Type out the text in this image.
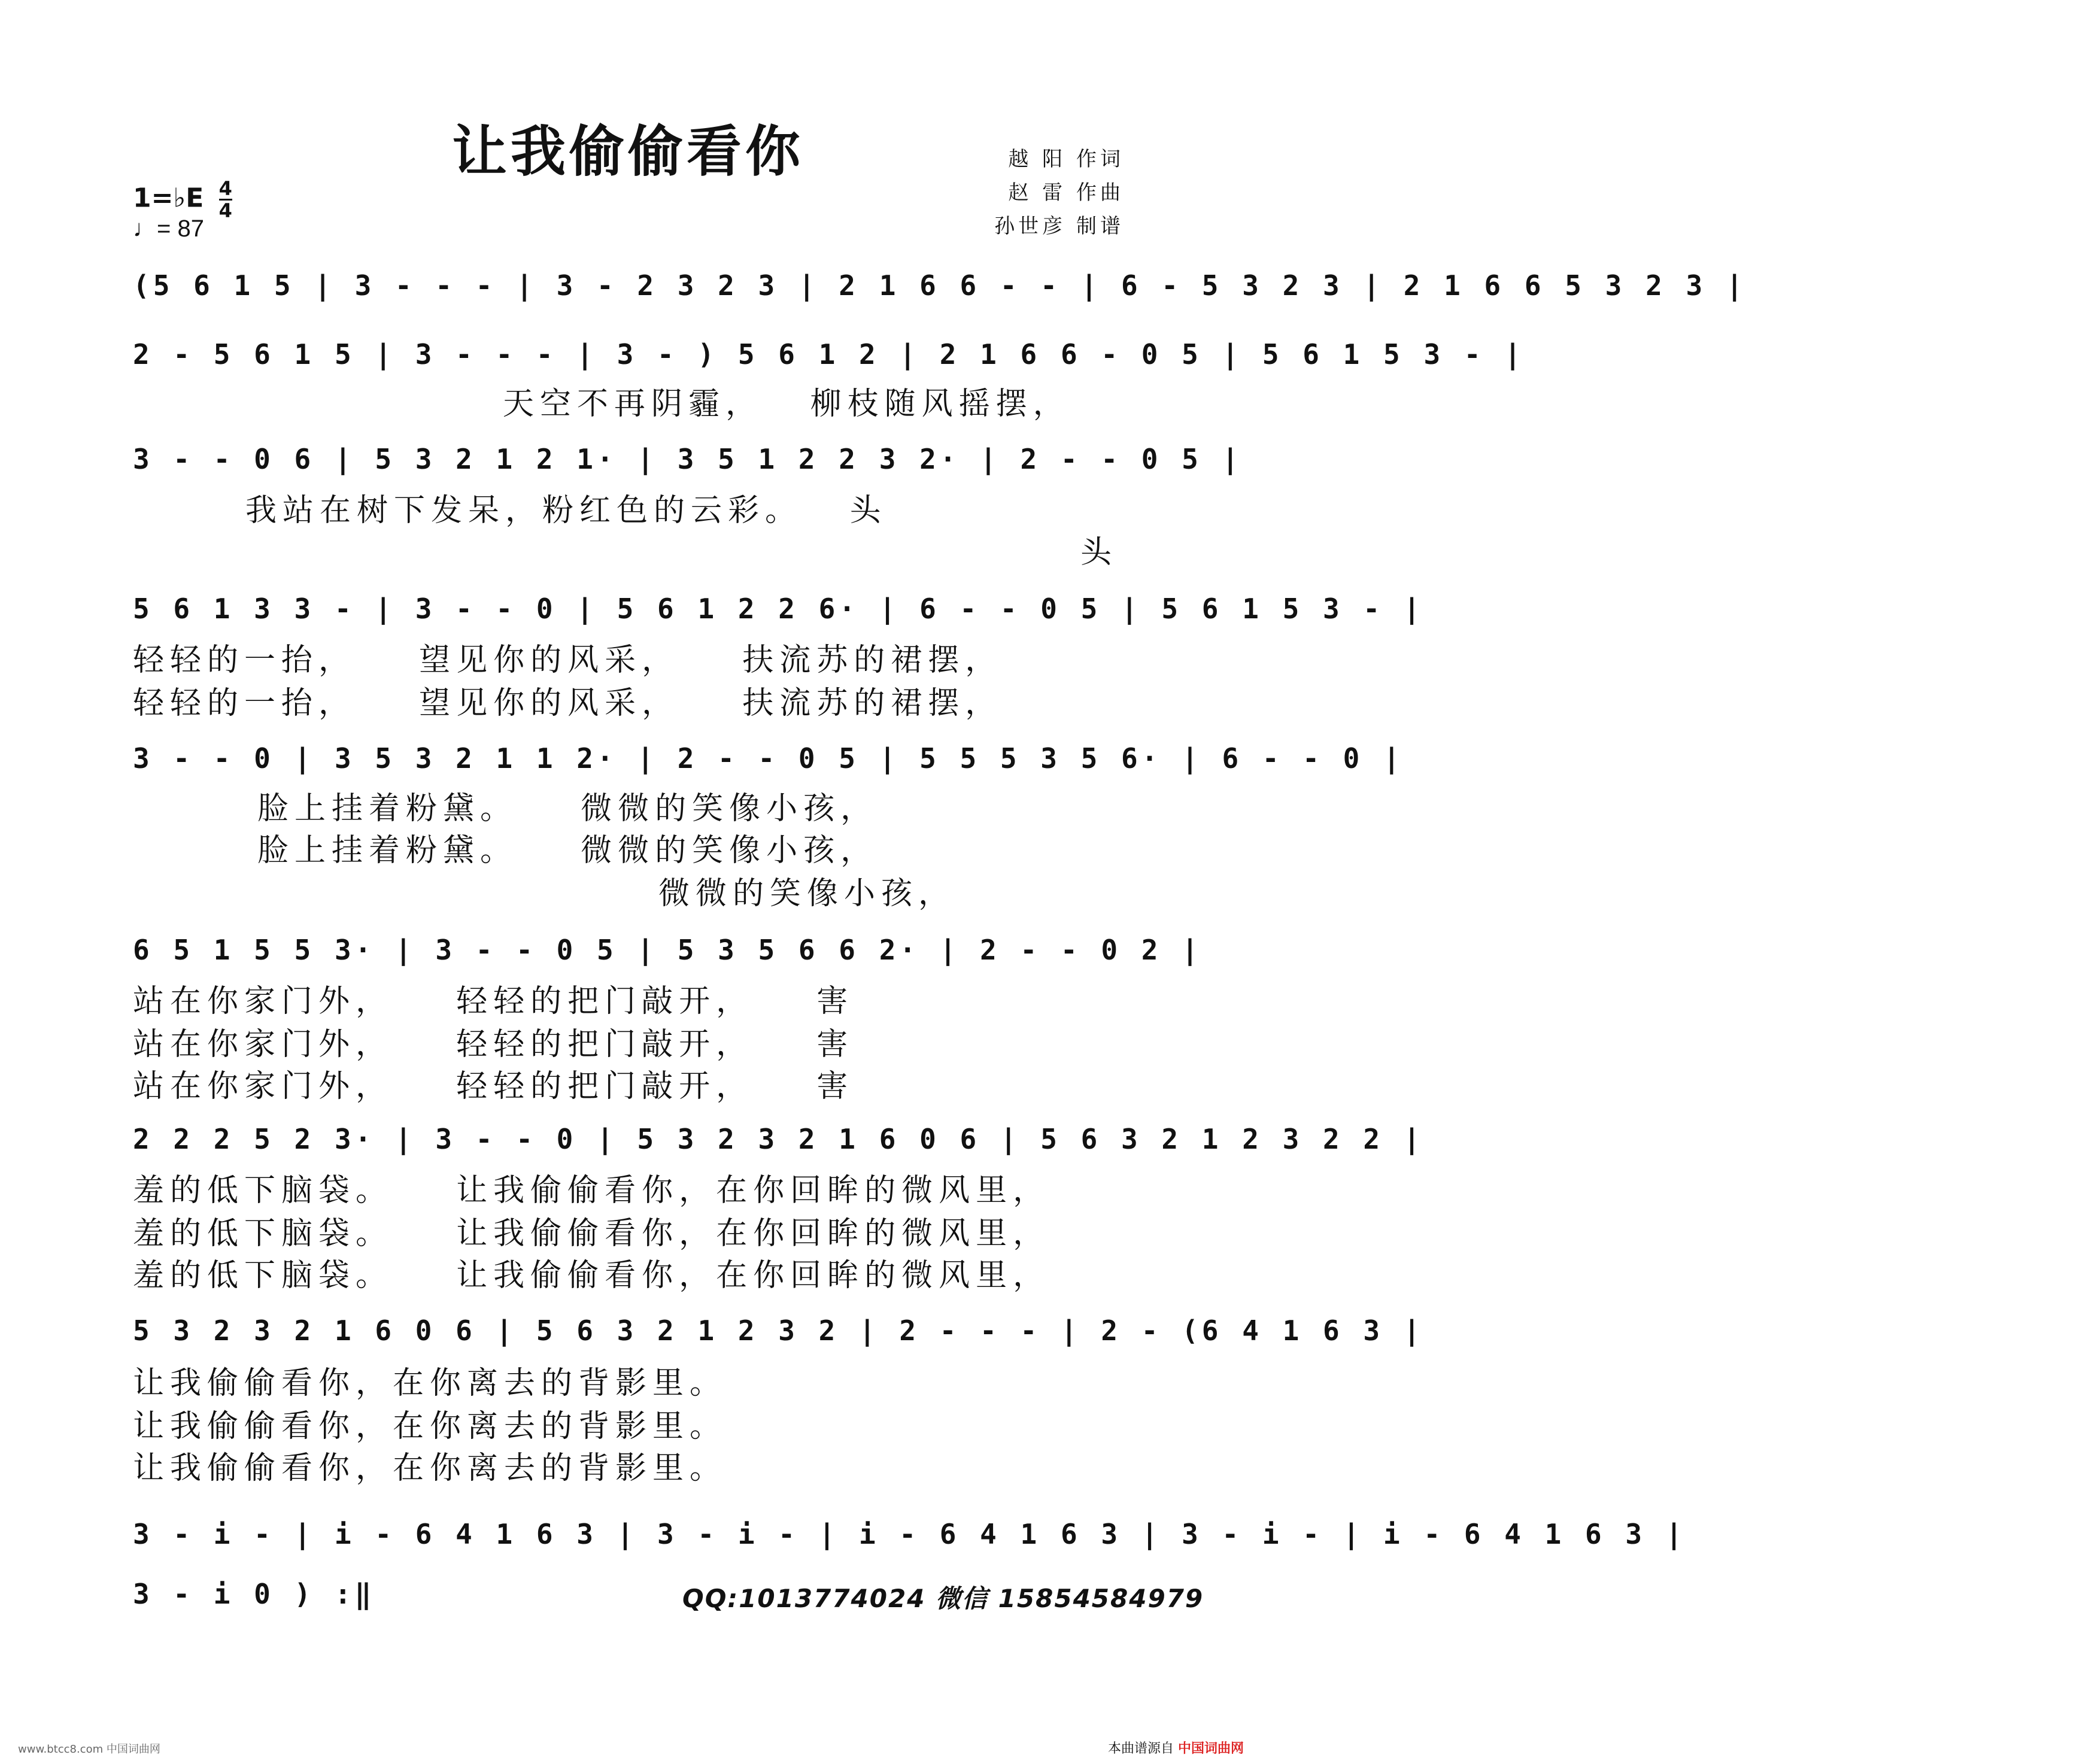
让我偷偷看你	越 阳 作词
赵 雷 作曲
孙世彦 制谱
1=♭E $\frac{4}{4}$
♩= 87
(5 6 1 5 | 3 - - - | 3 - 2 3 2 3 | 2 1 6 6 - - | 6 - 5 3 2 3 | 2 1 6 6 5 3 2 3 |
2 - 5 6 1 5 | 3 - - - | 3 - ) 5 6 1 2 | 2 1 6 6 - 0 5 | 5 6 1 5 3 - |
天空不再阴霾，   柳枝随风摇摆，
3 - - 0 6 | 5 3 2 1 2 1· | 3 5 1 2 2 3 2· | 2 - - 0 5 |
我站在树下发呆，粉红色的云彩。   头
头
5 6 1 3 3 - | 3 - - 0 | 5 6 1 2 2 6· | 6 - - 0 5 | 5 6 1 5 3 - |
轻轻的一抬，    望见你的风采，    扶流苏的裙摆，
轻轻的一抬，    望见你的风采，    扶流苏的裙摆，
3 - - 0 | 3 5 3 2 1 1 2· | 2 - - 0 5 | 5 5 5 3 5 6· | 6 - - 0 |
脸上挂着粉黛。    微微的笑像小孩，
脸上挂着粉黛。    微微的笑像小孩，
微微的笑像小孩，
6 5 1 5 5 3· | 3 - - 0 5 | 5 3 5 6 6 2· | 2 - - 0 2 |
站在你家门外，    轻轻的把门敲开，    害
站在你家门外，    轻轻的把门敲开，    害
站在你家门外，    轻轻的把门敲开，    害
2 2 2 5 2 3· | 3 - - 0 | 5 3 2 3 2 1 6 0 6 | 5 6 3 2 1 2 3 2 2 |
羞的低下脑袋。    让我偷偷看你，在你回眸的微风里，
羞的低下脑袋。    让我偷偷看你，在你回眸的微风里，
羞的低下脑袋。    让我偷偷看你，在你回眸的微风里，
5 3 2 3 2 1 6 0 6 | 5 6 3 2 1 2 3 2 | 2 - - - | 2 - (6 4 1 6 3 |
让我偷偷看你，在你离去的背影里。
让我偷偷看你，在你离去的背影里。
让我偷偷看你，在你离去的背影里。
3 - i - | i - 6 4 1 6 3 | 3 - i - | i - 6 4 1 6 3 | 3 - i - | i - 6 4 1 6 3 |
3 - i 0 ) :‖	QQ:1013774024 微信 15854584979
www.btcc8.com 中国词曲网	本曲谱源自 中国词曲网
